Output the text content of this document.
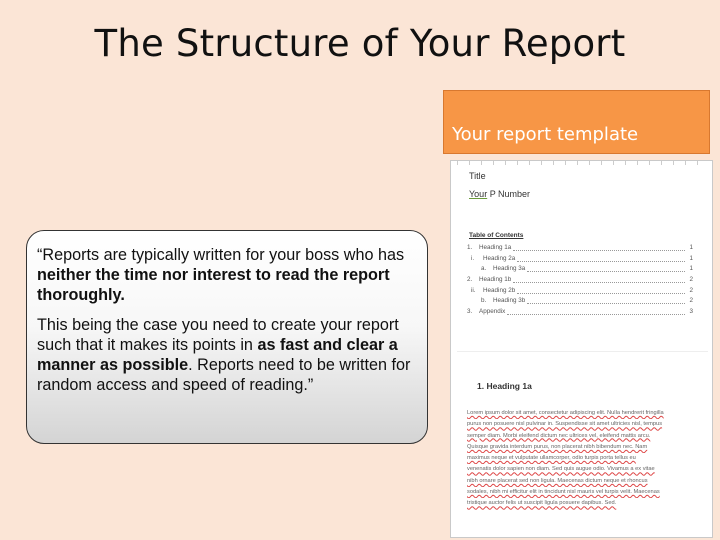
The Structure of Your Report

“Reports are typically written for your boss who has neither the time nor interest to read the report thoroughly.

This being the case you need to create your report such that it makes its points in as fast and clear a manner as possible. Reports need to be written for random access and speed of reading.”

Your report template
Title
Your P Number
Table of Contents
1.	Heading 1a	1
i.	Heading 2a	1
a.	Heading 3a	1
2.	Heading 1b	2
ii.	Heading 2b	2
b.	Heading 3b	2
3.	Appendix	3
1. Heading 1a
Lorem ipsum dolor sit amet, consectetur adipiscing elit. Nulla hendrerit fringilla
purus non posuere nisl pulvinar in. Suspendisse sit amet ultricies nisl, tempus
semper diam. Morbi eleifend dictum nec ultrices vel, eleifend mattis arcu.
Quisque gravida interdum purus, non placerat nibh bibendum nec. Nam
maximus neque et vulputate ullamcorper, odio turpis porta tellus eu
venenatis dolor sapien non diam. Sed quis augue odio. Vivamus a ex vitae
nibh ornare placerat sed non ligula. Maecenas dictum neque et rhoncus
sodales, nibh mi efficitur elit in tincidunt nisl mauris vel turpis velit. Maecenas
tristique auctor felis ut suscipit ligula posuere dapibus. Sed.
